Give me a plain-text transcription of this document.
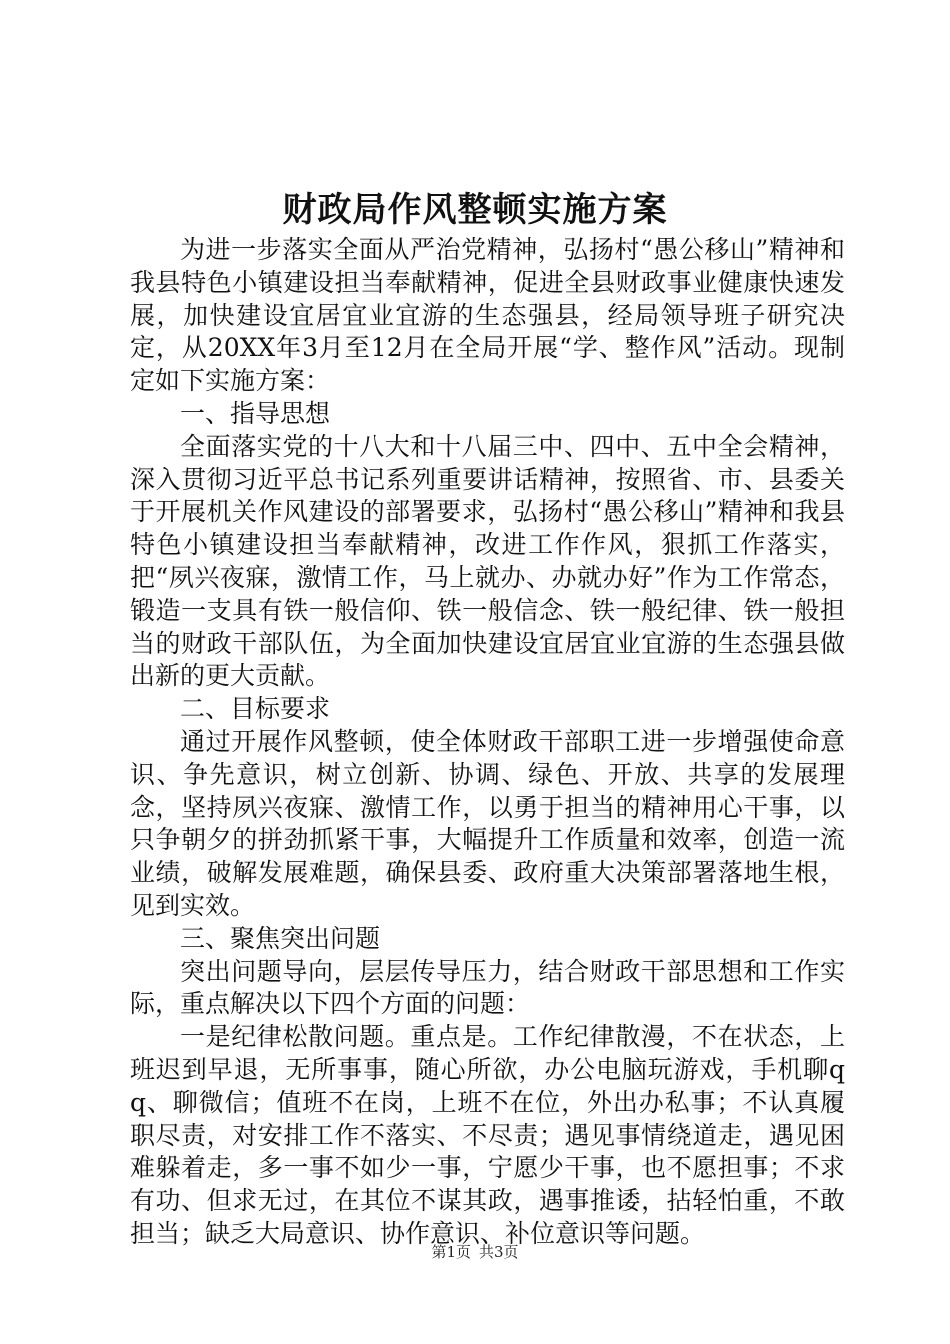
财政局作风整顿实施方案

为进一步落实全面从严治党精神，弘扬村“愚公移山”精神和我县特色小镇建设担当奉献精神，促进全县财政事业健康快速发展，加快建设宜居宜业宜游的生态强县，经局领导班子研究决定，从20XX年3月至12月在全局开展“学、整作风”活动。现制定如下实施方案：

一、指导思想

全面落实党的十八大和十八届三中、四中、五中全会精神，深入贯彻习近平总书记系列重要讲话精神，按照省、市、县委关于开展机关作风建设的部署要求，弘扬村“愚公移山”精神和我县特色小镇建设担当奉献精神，改进工作作风，狠抓工作落实，把“夙兴夜寐，激情工作，马上就办、办就办好”作为工作常态，锻造一支具有铁一般信仰、铁一般信念、铁一般纪律、铁一般担当的财政干部队伍，为全面加快建设宜居宜业宜游的生态强县做出新的更大贡献。

二、目标要求

通过开展作风整顿，使全体财政干部职工进一步增强使命意识、争先意识，树立创新、协调、绿色、开放、共享的发展理念，坚持夙兴夜寐、激情工作，以勇于担当的精神用心干事，以只争朝夕的拼劲抓紧干事，大幅提升工作质量和效率，创造一流业绩，破解发展难题，确保县委、政府重大决策部署落地生根，见到实效。

三、聚焦突出问题

突出问题导向，层层传导压力，结合财政干部思想和工作实际，重点解决以下四个方面的问题：

一是纪律松散问题。重点是。工作纪律散漫，不在状态，上班迟到早退，无所事事，随心所欲，办公电脑玩游戏，手机聊qq、聊微信；值班不在岗，上班不在位，外出办私事；不认真履职尽责，对安排工作不落实、不尽责；遇见事情绕道走，遇见困难躲着走，多一事不如少一事，宁愿少干事，也不愿担事；不求有功、但求无过，在其位不谋其政，遇事推诿，拈轻怕重，不敢担当；缺乏大局意识、协作意识、补位意识等问题。

第1页 共3页
